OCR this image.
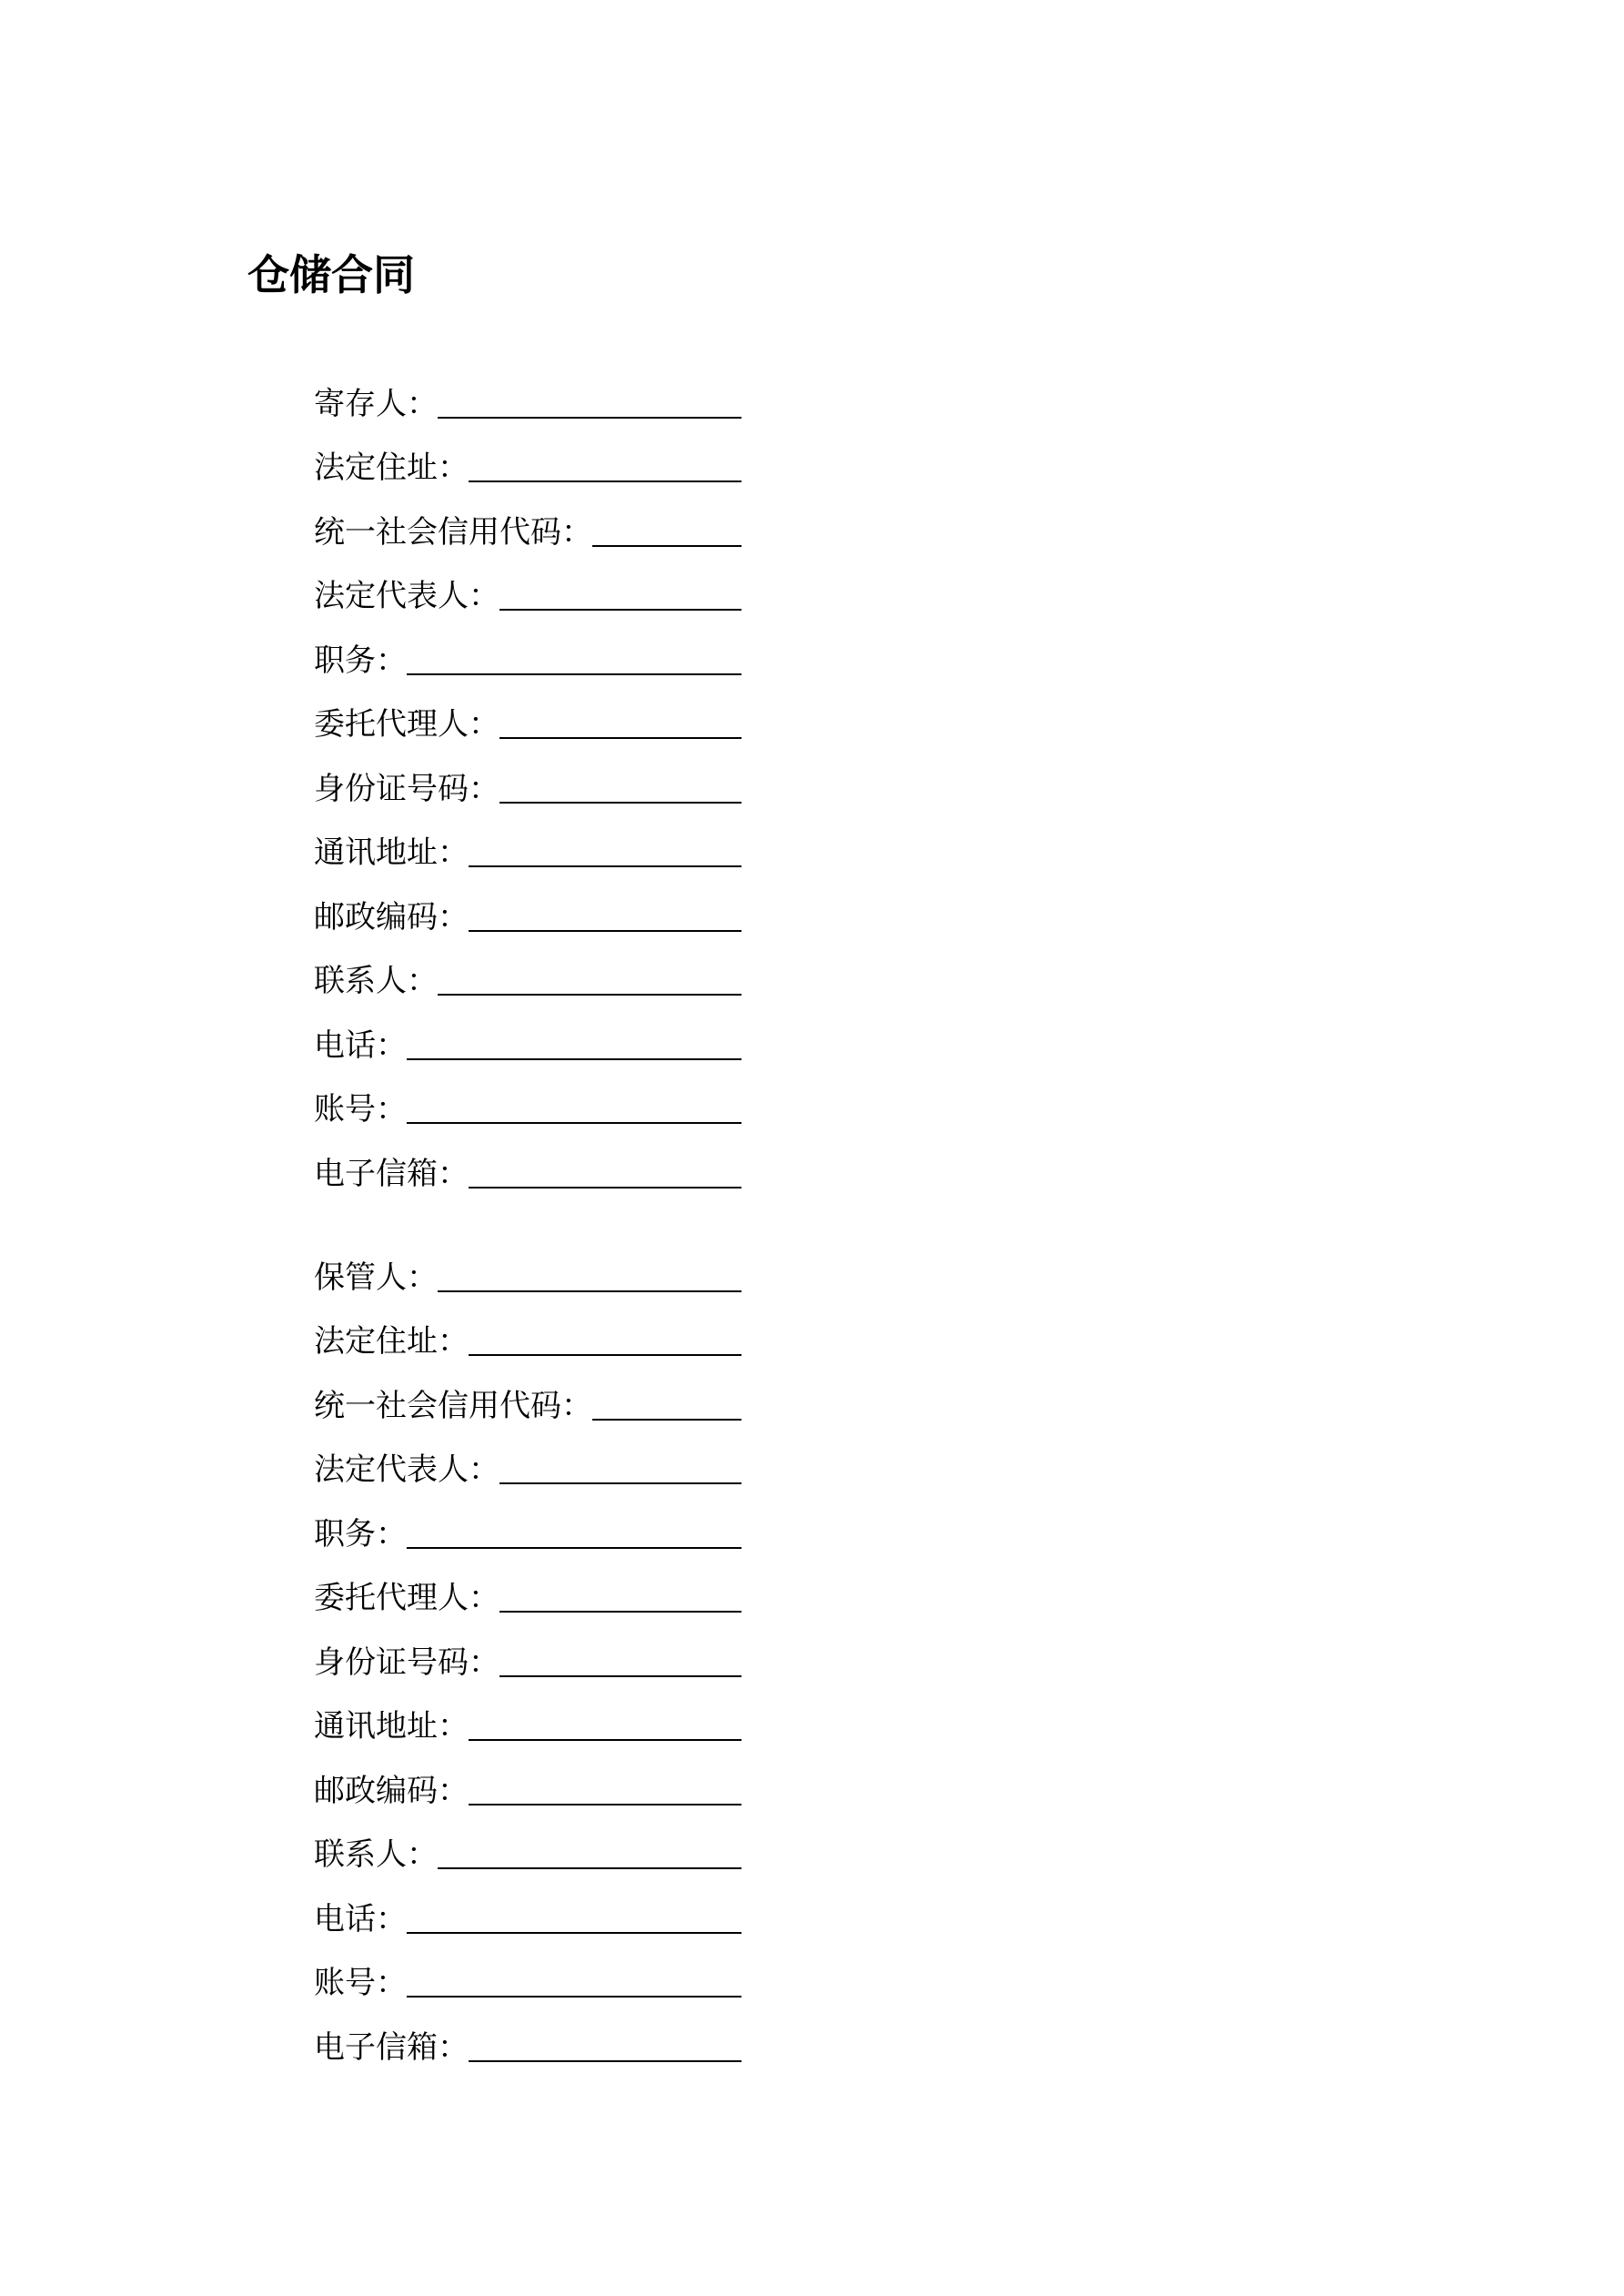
仓储合同
寄存人：
法定住址：
统一社会信用代码：
法定代表人：
职务：
委托代理人：
身份证号码：
通讯地址：
邮政编码：
联系人：
电话：
账号：
电子信箱：
保管人：
法定住址：
统一社会信用代码：
法定代表人：
职务：
委托代理人：
身份证号码：
通讯地址：
邮政编码：
联系人：
电话：
账号：
电子信箱：
